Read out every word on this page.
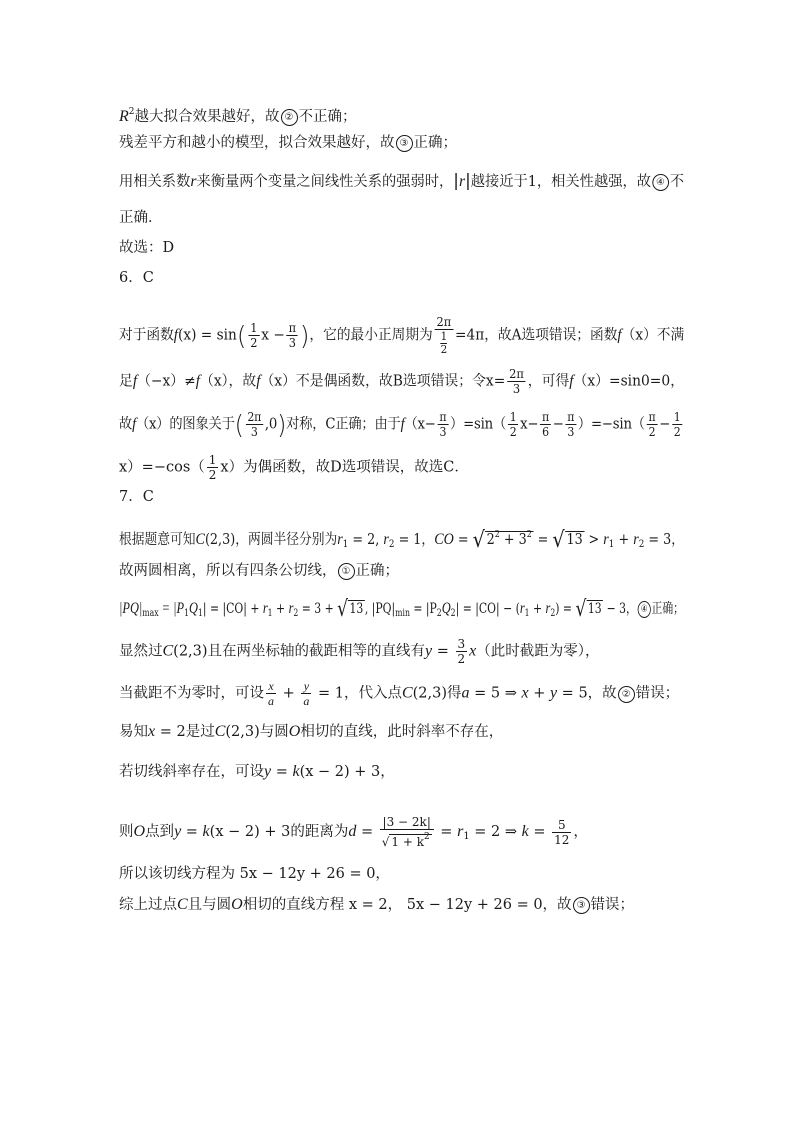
$R^2$越大拟合效果越好，故 ② 不正确；
残差平方和越小的模型，拟合效果越好，故 ③ 正确；
用相关系数r来衡量两个变量之间线性关系的强弱时，|r|越接近于1，相关性越强，故 ④ 不
正确．
故选：D
6．C
对于函数$f(x) = \sin( \frac{1}{2}$ $x - \frac{\pi}{3}$ )，它的最小正周期为
2π
1
2
=4π，故A选项错误；函数f（x）不满
足f（−x）≠f（x），故f（x）不是偶函数，故B选项错误；令$x= \frac{2\pi}{3}$ ，可得f（x）=sin0=0，
故f（x）的图象关于( $\frac{2\pi}{3} ,0$)对称，C正确；由于$f(x- \frac{\pi}{3} )=\sin( \frac{1}{2} x- \frac{\pi}{6} - \frac{\pi}{3} )=-\sin( \frac{\pi}{2} - \frac{1}{2}$
$x)=-\cos( \frac{1}{2} x)$为偶函数，故D选项错误，故选C．
7．C
根据题意可知C(2,3)，两圆半径分别为$r_1 = 2$, $r_2 = 1$，CO = √ $2^2 + 3^2$ = √ $13 > r_1 + r_2 = 3$，
故两圆相离，所以有四条公切线， ① 正确；
$|PQ|_{max} = |P_1Q_1| = |CO| + r_1 + r_2 = 3$ + √ 13 , $|PQ|_{min} = |P_2Q_2| = |CO| - (r_1 + r_2)$ = √ 13 − 3， ④ 正确；
显然过C(2,3)且在两坐标轴的截距相等的直线有$y = \frac{3}{2} x$（此时截距为零），
当截距不为零时，可设 $\frac{x}{a} + \frac{y}{a} = 1$，代入点C(2,3)得a = 5 ⇒ x + y = 5，故 ② 错误；
易知x = 2是过C(2,3)与圆O相切的直线，此时斜率不存在，
若切线斜率存在，可设y = k(x − 2) + 3，
则O点到y = k(x − 2) + 3的距离为$d = \frac{|3 - 2k|}{√ 1 + k^2} = r_1 = 2$ ⇒ $k = \frac{5}{12}$ ，
所以该切线方程为 5x − 12y + 26 = 0，
综上过点C且与圆O相切的直线方程 x = 2， 5x − 12y + 26 = 0，故 ③ 错误；
